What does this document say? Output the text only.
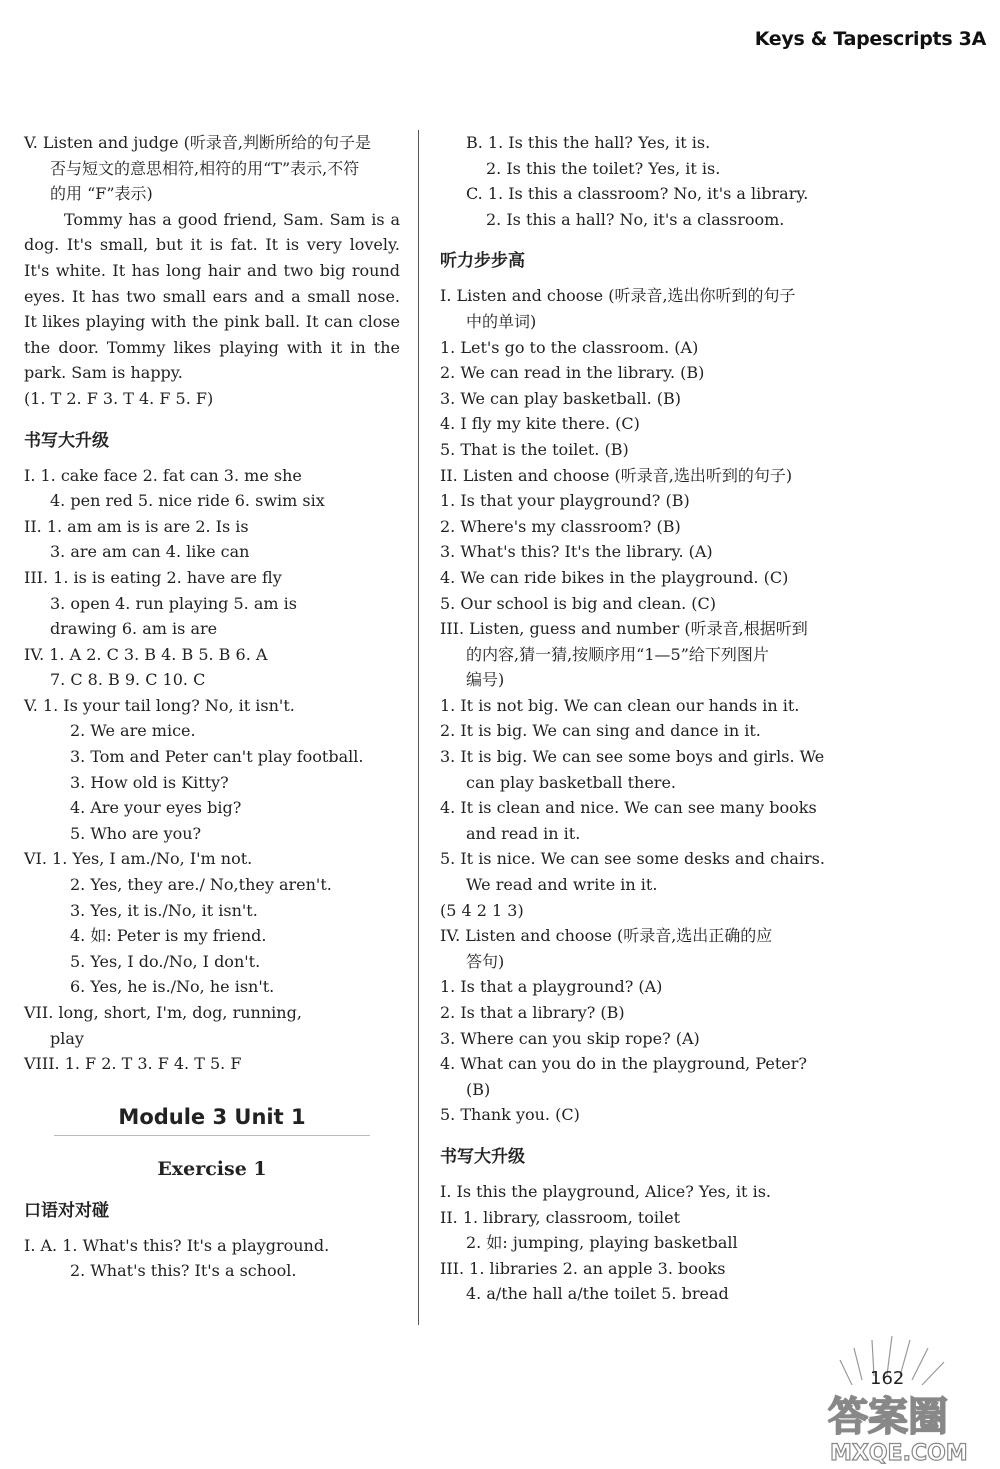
Keys & Tapescripts 3A
V. Listen and judge (听录音,判断所给的句子是
否与短文的意思相符,相符的用“T”表示,不符
的用 “F”表示)
Tommy has a good friend, Sam. Sam is a dog. It's small, but it is fat. It is very lovely. It's white. It has long hair and two big round eyes. It has two small ears and a small nose. It likes playing with the pink ball. It can close the door. Tommy likes playing with it in the park. Sam is happy.
(1. T 2. F 3. T 4. F 5. F)
书写大升级
I. 1. cake face 2. fat can 3. me she
4. pen red 5. nice ride 6. swim six
II. 1. am am is is are 2. Is is
3. are am can 4. like can
III. 1. is is eating 2. have are fly
3. open 4. run playing 5. am is
drawing 6. am is are
IV. 1. A 2. C 3. B 4. B 5. B 6. A
7. C 8. B 9. C 10. C
V. 1. Is your tail long? No, it isn't.
2. We are mice.
3. Tom and Peter can't play football.
3. How old is Kitty?
4. Are your eyes big?
5. Who are you?
VI. 1. Yes, I am./No, I'm not.
2. Yes, they are./ No,they aren't.
3. Yes, it is./No, it isn't.
4. 如: Peter is my friend.
5. Yes, I do./No, I don't.
6. Yes, he is./No, he isn't.
VII. long, short, I'm, dog, running,
play
VIII. 1. F 2. T 3. F 4. T 5. F
Module 3 Unit 1
Exercise 1
口语对对碰
I. A. 1. What's this? It's a playground.
2. What's this? It's a school.
B. 1. Is this the hall? Yes, it is.
2. Is this the toilet? Yes, it is.
C. 1. Is this a classroom? No, it's a library.
2. Is this a hall? No, it's a classroom.
听力步步高
I. Listen and choose (听录音,选出你听到的句子
中的单词)
1. Let's go to the classroom. (A)
2. We can read in the library. (B)
3. We can play basketball. (B)
4. I fly my kite there. (C)
5. That is the toilet. (B)
II. Listen and choose (听录音,选出听到的句子)
1. Is that your playground? (B)
2. Where's my classroom? (B)
3. What's this? It's the library. (A)
4. We can ride bikes in the playground. (C)
5. Our school is big and clean. (C)
III. Listen, guess and number (听录音,根据听到
的内容,猜一猜,按顺序用“1—5”给下列图片
编号)
1. It is not big. We can clean our hands in it.
2. It is big. We can sing and dance in it.
3. It is big. We can see some boys and girls. We
can play basketball there.
4. It is clean and nice. We can see many books
and read in it.
5. It is nice. We can see some desks and chairs.
We read and write in it.
(5 4 2 1 3)
IV. Listen and choose (听录音,选出正确的应
答句)
1. Is that a playground? (A)
2. Is that a library? (B)
3. Where can you skip rope? (A)
4. What can you do in the playground, Peter?
(B)
5. Thank you. (C)
书写大升级
I. Is this the playground, Alice? Yes, it is.
II. 1. library, classroom, toilet
2. 如: jumping, playing basketball
III. 1. libraries 2. an apple 3. books
4. a/the hall a/the toilet 5. bread
162
答案圈
MXQE.COM
